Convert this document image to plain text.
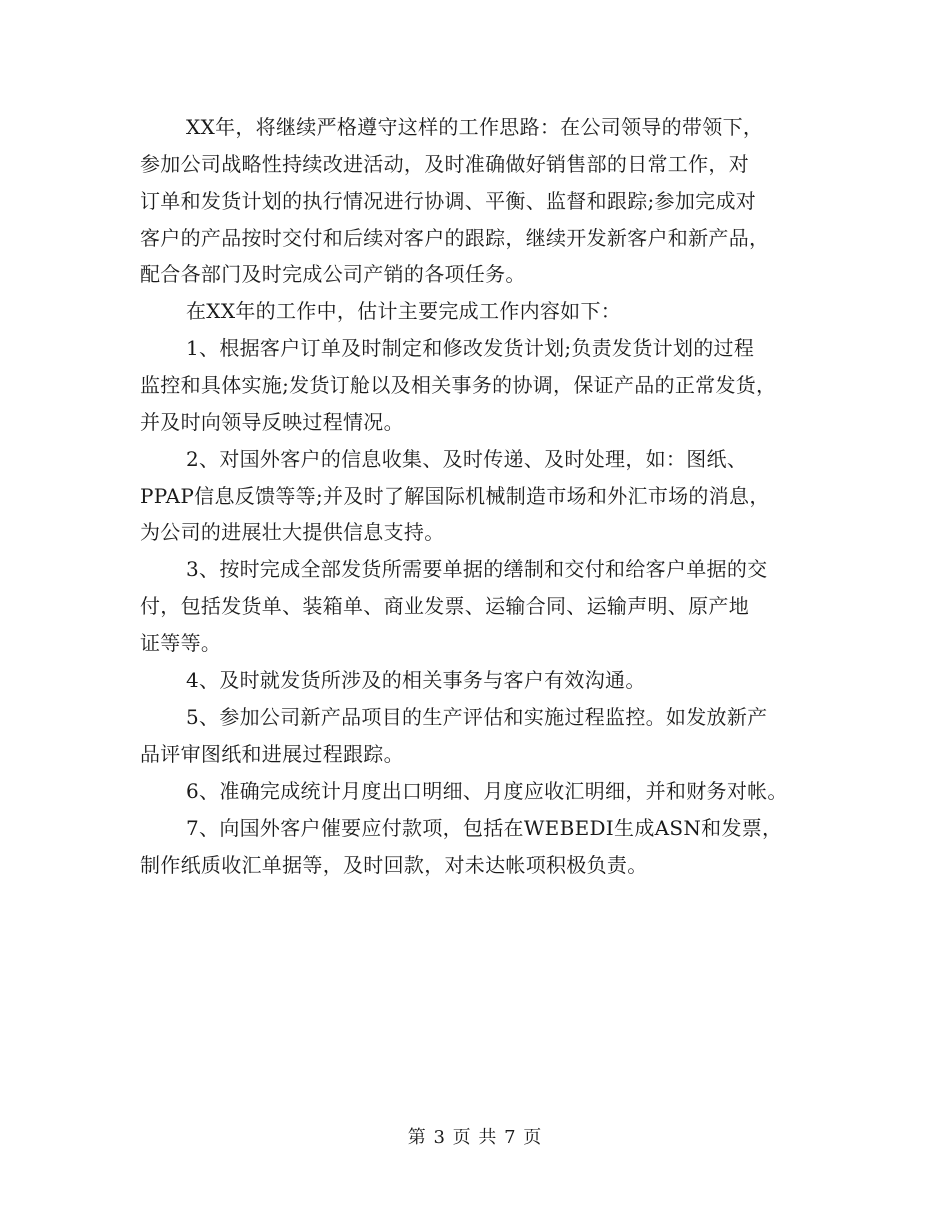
XX年，将继续严格遵守这样的工作思路：在公司领导的带领下，
参加公司战略性持续改进活动，及时准确做好销售部的日常工作，对
订单和发货计划的执行情况进行协调、平衡、监督和跟踪;参加完成对
客户的产品按时交付和后续对客户的跟踪，继续开发新客户和新产品，
配合各部门及时完成公司产销的各项任务。
在XX年的工作中，估计主要完成工作内容如下：
1、根据客户订单及时制定和修改发货计划;负责发货计划的过程
监控和具体实施;发货订舱以及相关事务的协调，保证产品的正常发货，
并及时向领导反映过程情况。
2、对国外客户的信息收集、及时传递、及时处理，如：图纸、
PPAP信息反馈等等;并及时了解国际机械制造市场和外汇市场的消息，
为公司的进展壮大提供信息支持。
3、按时完成全部发货所需要单据的缮制和交付和给客户单据的交
付，包括发货单、装箱单、商业发票、运输合同、运输声明、原产地
证等等。
4、及时就发货所涉及的相关事务与客户有效沟通。
5、参加公司新产品项目的生产评估和实施过程监控。如发放新产
品评审图纸和进展过程跟踪。
6、准确完成统计月度出口明细、月度应收汇明细，并和财务对帐。
7、向国外客户催要应付款项，包括在WEBEDI生成ASN和发票，
制作纸质收汇单据等，及时回款，对未达帐项积极负责。
第 3 页 共 7 页
